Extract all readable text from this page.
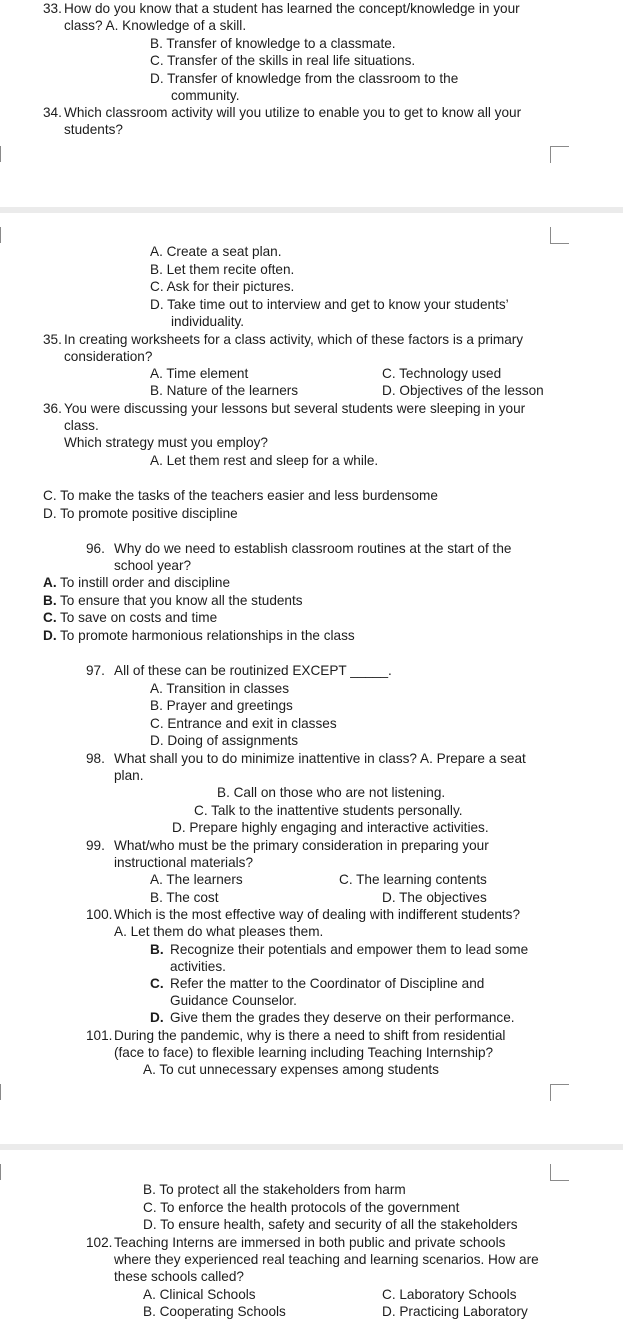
33. How do you know that a student has learned the concept/knowledge in your
class? A. Knowledge of a skill.
B. Transfer of knowledge to a classmate.
C. Transfer of the skills in real life situations.
D. Transfer of knowledge from the classroom to the
community.
34. Which classroom activity will you utilize to enable you to get to know all your
students?
A. Create a seat plan.
B. Let them recite often.
C. Ask for their pictures.
D. Take time out to interview and get to know your students’
individuality.
35. In creating worksheets for a class activity, which of these factors is a primary
consideration?
A. Time element	C. Technology used
B. Nature of the learners	D. Objectives of the lesson
36. You were discussing your lessons but several students were sleeping in your
class.
Which strategy must you employ?
A. Let them rest and sleep for a while.
C. To make the tasks of the teachers easier and less burdensome
D. To promote positive discipline
96. Why do we need to establish classroom routines at the start of the
school year?
A. To instill order and discipline
B. To ensure that you know all the students
C. To save on costs and time
D. To promote harmonious relationships in the class
97. All of these can be routinized EXCEPT _____.
A. Transition in classes
B. Prayer and greetings
C. Entrance and exit in classes
D. Doing of assignments
98. What shall you to do minimize inattentive in class? A. Prepare a seat
plan.
B. Call on those who are not listening.
C. Talk to the inattentive students personally.
D. Prepare highly engaging and interactive activities.
99. What/who must be the primary consideration in preparing your
instructional materials?
A. The learners	C. The learning contents
B. The cost	D. The objectives
100. Which is the most effective way of dealing with indifferent students?
A. Let them do what pleases them.
B. Recognize their potentials and empower them to lead some
activities.
C. Refer the matter to the Coordinator of Discipline and
Guidance Counselor.
D. Give them the grades they deserve on their performance.
101. During the pandemic, why is there a need to shift from residential
(face to face) to flexible learning including Teaching Internship?
A. To cut unnecessary expenses among students
B. To protect all the stakeholders from harm
C. To enforce the health protocols of the government
D. To ensure health, safety and security of all the stakeholders
102. Teaching Interns are immersed in both public and private schools
where they experienced real teaching and learning scenarios. How are
these schools called?
A. Clinical Schools	C. Laboratory Schools
B. Cooperating Schools	D. Practicing Laboratory
